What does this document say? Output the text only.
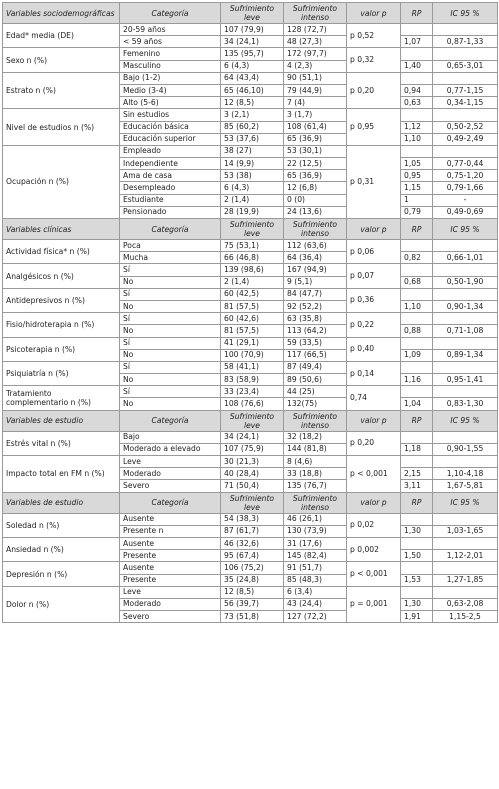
Variables sociodemográficas	Categoría	Sufrimiento leve	Sufrimiento intenso	valor p	RP	IC 95 %
Edad* media (DE)	20-59 años	107 (79,9)	128 (72,7)	p 0,52		
	< 59 años	34 (24,1)	48 (27,3)		1,07	0,87-1,33
Sexo n (%)	Femenino	135 (95,7)	172 (97,7)	p 0,32		
	Masculino	6 (4,3)	4 (2,3)		1,40	0,65-3,01
Estrato n (%)	Bajo (1-2)	64 (43,4)	90 (51,1)	p 0,20		
	Medio (3-4)	65 (46,10)	79 (44,9)		0,94	0,77-1,15
	Alto (5-6)	12 (8,5)	7 (4)		0,63	0,34-1,15
Nivel de estudios n (%)	Sin estudios	3 (2,1)	3 (1,7)	p 0,95		
	Educación básica	85 (60,2)	108 (61,4)		1,12	0,50-2,52
	Educación superior	53 (37,6)	65 (36,9)		1,10	0,49-2,49
Ocupación n (%)	Empleado	38 (27)	53 (30,1)	p 0,31		
	Independiente	14 (9,9)	22 (12,5)		1,05	0,77-0,44
	Ama de casa	53 (38)	65 (36,9)		0,95	0,75-1,20
	Desempleado	6 (4,3)	12 (6,8)		1,15	0,79-1,66
	Estudiante	2 (1,4)	0 (0)		1	-
	Pensionado	28 (19,9)	24 (13,6)		0,79	0,49-0,69
Variables clínicas	Categoría	Sufrimiento leve	Sufrimiento intenso	valor p	RP	IC 95 %
Actividad física* n (%)	Poca	75 (53,1)	112 (63,6)	p 0,06		
	Mucha	66 (46,8)	64 (36,4)		0,82	0,66-1,01
Analgésicos n (%)	Sí	139 (98,6)	167 (94,9)	p 0,07		
	No	2 (1,4)	9 (5,1)		0,68	0,50-1,90
Antidepresivos n (%)	Sí	60 (42,5)	84 (47,7)	p 0,36		
	No	81 (57,5)	92 (52,2)		1,10	0,90-1,34
Fisio/hidroterapia n (%)	Sí	60 (42,6)	63 (35,8)	p 0,22		
	No	81 (57,5)	113 (64,2)		0,88	0,71-1,08
Psicoterapia n (%)	Sí	41 (29,1)	59 (33,5)	p 0,40		
	No	100 (70,9)	117 (66,5)		1,09	0,89-1,34
Psiquiatría n (%)	Sí	58 (41,1)	87 (49,4)	p 0,14		
	No	83 (58,9)	89 (50,6)		1,16	0,95-1,41
Tratamiento complementario n (%)	Sí	33 (23,4)	44 (25)	0,74		
	No	108 (76,6)	132(75)		1,04	0,83-1,30
Variables de estudio	Categoría	Sufrimiento leve	Sufrimiento intenso	valor p	RP	IC 95 %
Estrés vital n (%)	Bajo	34 (24,1)	32 (18,2)	p 0,20		
	Moderado a elevado	107 (75,9)	144 (81,8)		1,18	0,90-1,55
Impacto total en FM n (%)	Leve	30 (21,3)	8 (4,6)	p < 0,001		
	Moderado	40 (28,4)	33 (18,8)		2,15	1,10-4,18
	Severo	71 (50,4)	135 (76,7)		3,11	1,67-5,81
Variables de estudio	Categoría	Sufrimiento leve	Sufrimiento intenso	valor p	RP	IC 95 %
Soledad n (%)	Ausente	54 (38,3)	46 (26,1)	p 0,02		
	Presente n	87 (61,7)	130 (73,9)		1,30	1,03-1,65
Ansiedad n (%)	Ausente	46 (32,6)	31 (17,6)	p 0,002		
	Presente	95 (67,4)	145 (82,4)		1,50	1,12-2,01
Depresión n (%)	Ausente	106 (75,2)	91 (51,7)	p < 0,001		
	Presente	35 (24,8)	85 (48,3)		1,53	1,27-1,85
Dolor n (%)	Leve	12 (8,5)	6 (3,4)	p = 0,001		
	Moderado	56 (39,7)	43 (24,4)		1,30	0,63-2,08
	Severo	73 (51,8)	127 (72,2)		1,91	1,15-2,5
